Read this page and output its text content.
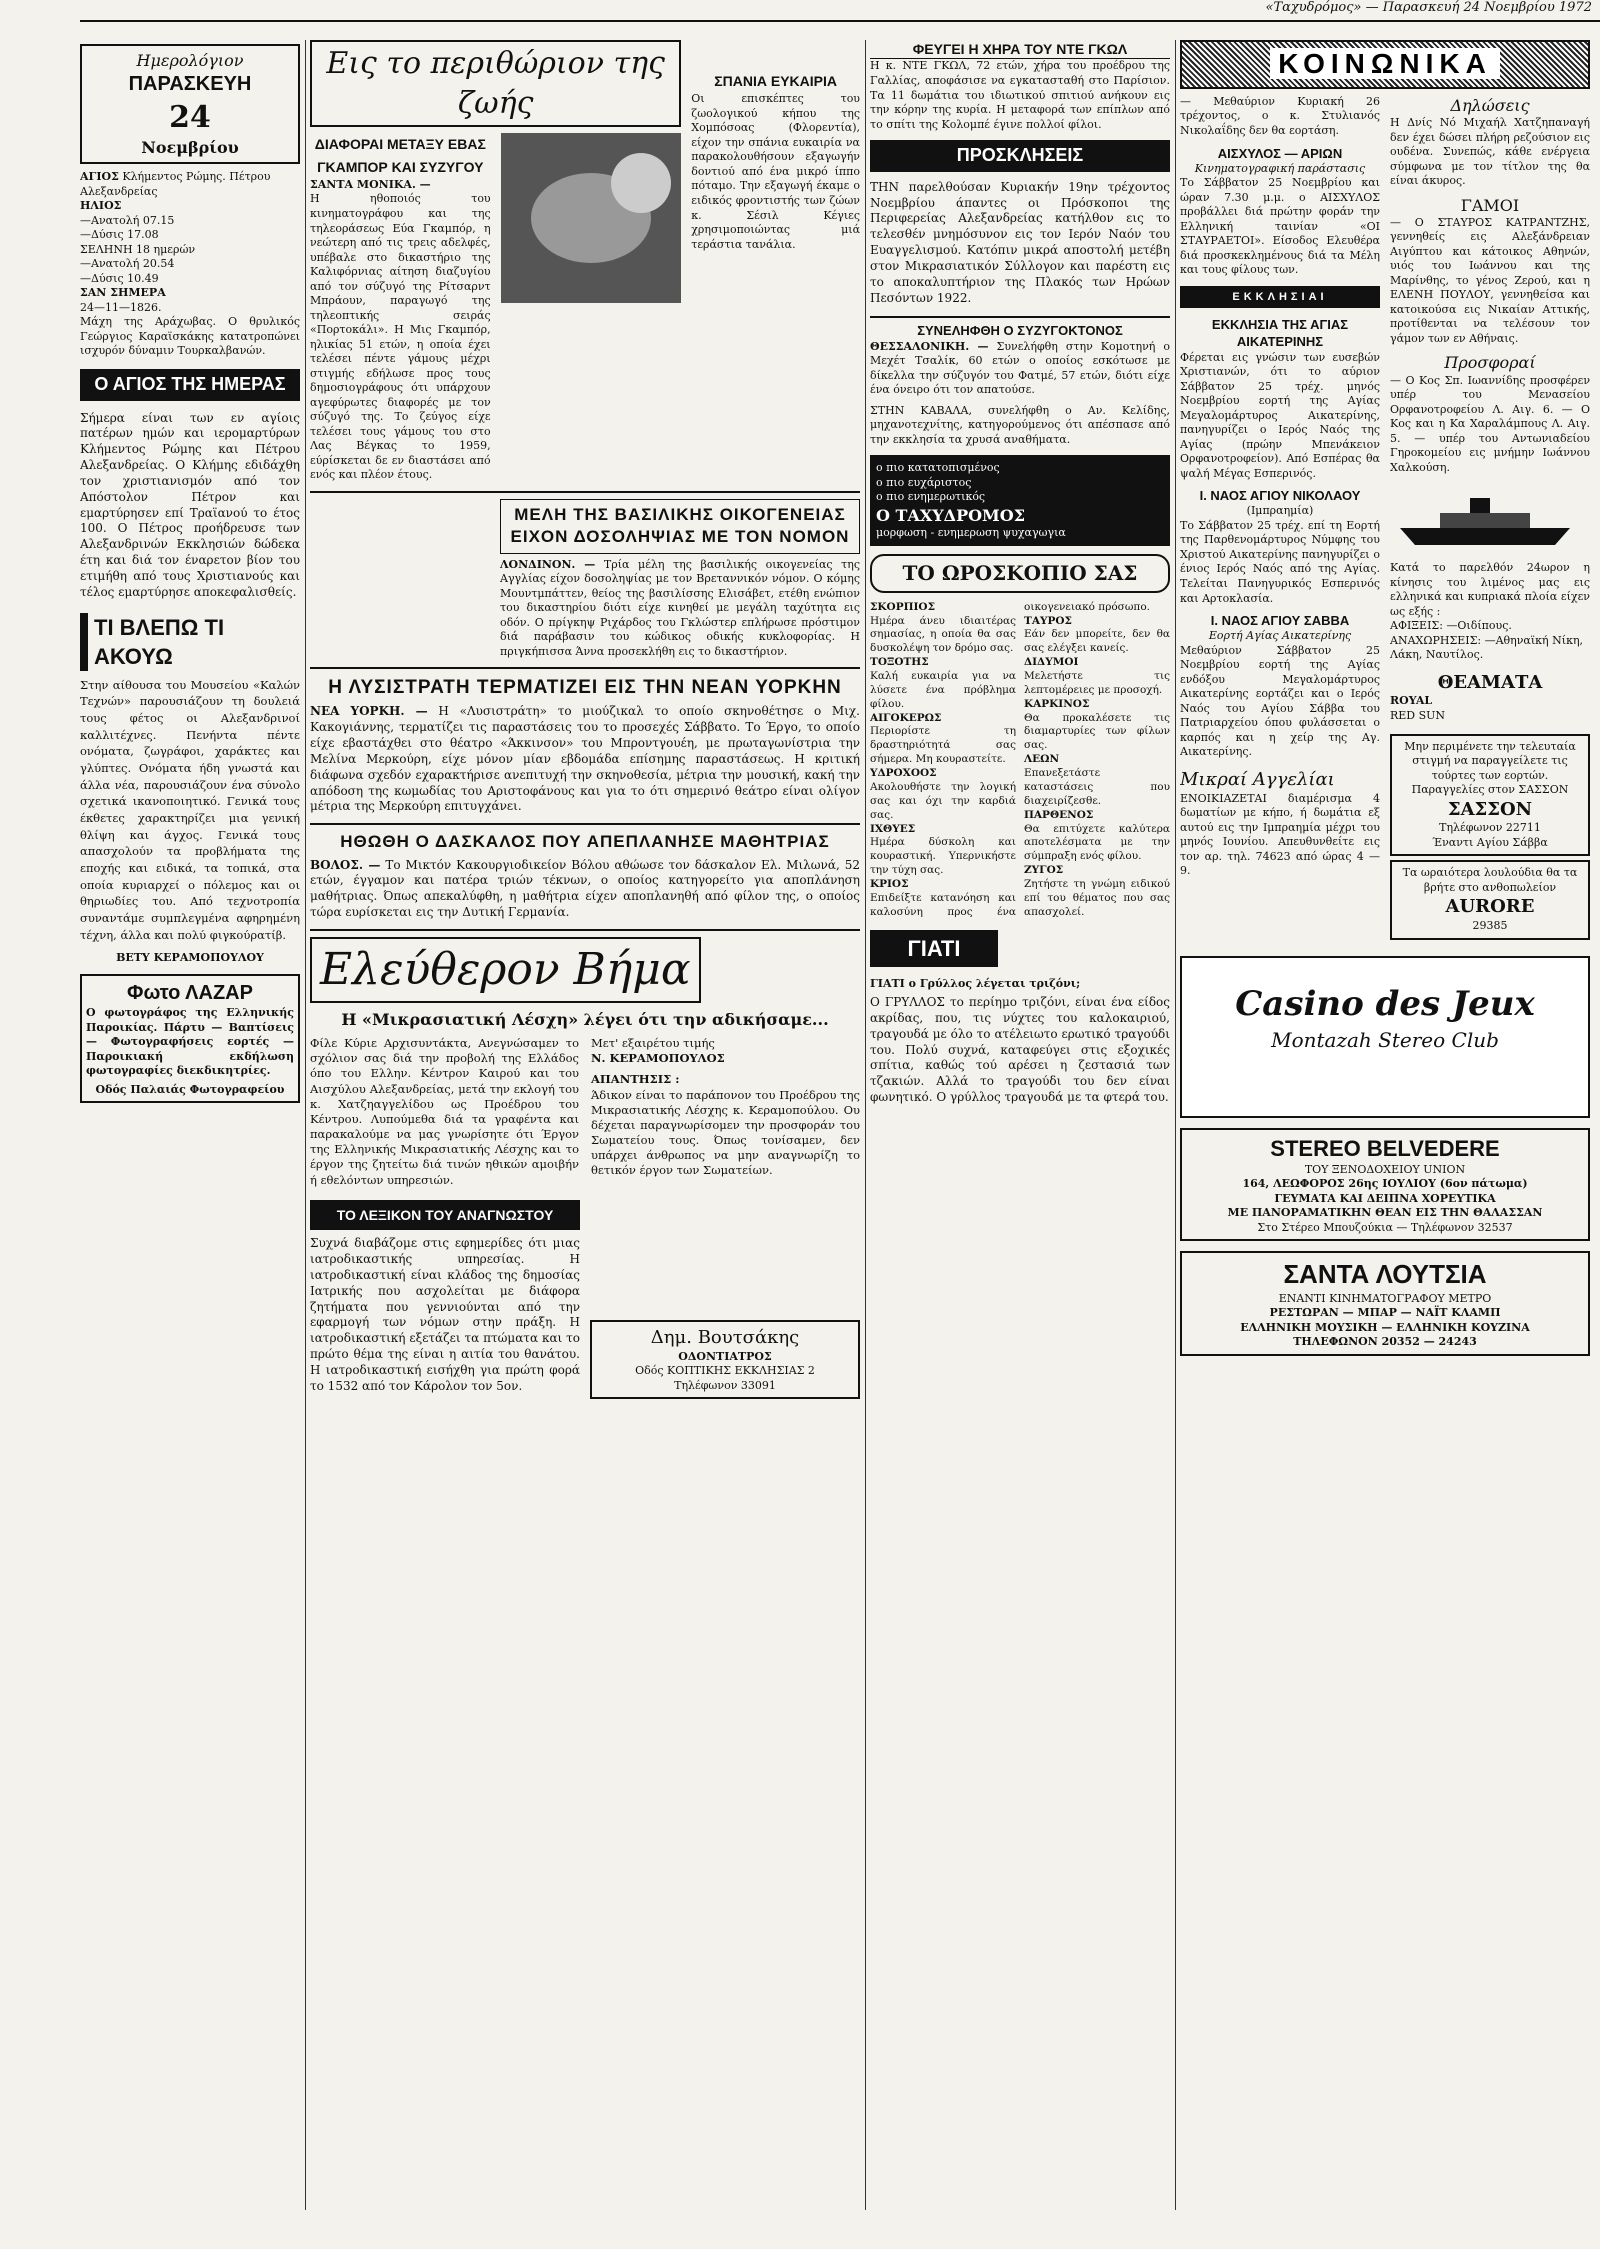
«Ταχυδρόμος» — Παρασκευή 24 Νοεμβρίου 1972
Ημερολόγιον
ΠΑΡΑΣΚΕΥΗ
24
Νοεμβρίου
ΑΓΙΟΣ Κλήμεντος Ρώμης. Πέτρου Αλεξανδρείας
ΗΛΙΟΣ
—Ανατολή 07.15
—Δύσις 17.08
ΣΕΛΗΝΗ 18 ημερών
—Ανατολή 20.54
—Δύσις 10.49
ΣΑΝ ΣΗΜΕΡΑ
24—11—1826.
Μάχη της Αράχωβας. Ο θρυλικός Γεώργιος Καραϊσκάκης κατατροπώνει ισχυρόν δύναμιν Τουρκαλβανών.
Ο ΑΓΙΟΣ ΤΗΣ ΗΜΕΡΑΣ
Σήμερα είναι των εν αγίοις πατέρων ημών και ιερομαρτύρων Κλήμεντος Ρώμης και Πέτρου Αλεξανδρείας. Ο Κλήμης εδιδάχθη τον χριστιανισμόν από τον Απόστολον Πέτρον και εμαρτύρησεν επί Τραϊανού το έτος 100. Ο Πέτρος προήδρευσε των Αλεξανδρινών Εκκλησιών δώδεκα έτη και διά τον έναρετον βίον του ετιμήθη από τους Χριστιανούς και τέλος εμαρτύρησε αποκεφαλισθείς.
ΤΙ ΒΛΕΠΩ ΤΙ ΑΚΟΥΩ
Στην αίθουσα του Μουσείου «Καλών Τεχνών» παρουσιάζουν τη δουλειά τους φέτος οι Αλεξανδρινοί καλλιτέχνες. Πενήντα πέντε ονόματα, ζωγράφοι, χαράκτες και γλύπτες. Ονόματα ήδη γνωστά και άλλα νέα, παρουσιάζουν ένα σύνολο σχετικά ικανοποιητικό. Γενικά τους έκθετες χαρακτηρίζει μια γενική θλίψη και άγχος. Γενικά τους απασχολούν τα προβλήματα της εποχής και ειδικά, τα τοπικά, στα οποία κυριαρχεί ο πόλεμος και οι θηριωδίες του. Από τεχνοτροπία συναντάμε συμπλεγμένα αφηρημένη τέχνη, άλλα και πολύ φιγκούρατίβ.
ΒΕΤΥ ΚΕΡΑΜΟΠΟΥΛΟΥ
Φωτο ΛΑΖΑΡ
Ο φωτογράφος της Ελληνικής Παροικίας. Πάρτυ — Βαπτίσεις — Φωτογραφήσεις εορτές — Παροικιακή εκδήλωση φωτογραφίες διεκδικητρίες.
Οδός Παλαιάς Φωτογραφείου
Εις το περιθώριον της ζωής
ΔΙΑΦΟΡΑΙ ΜΕΤΑΞΥ ΕΒΑΣ ΓΚΑΜΠΟΡ ΚΑΙ ΣΥΖΥΓΟΥ
ΣΑΝΤΑ ΜΟΝΙΚΑ. —
Η ηθοποιός του κινηματογράφου και της τηλεοράσεως Εύα Γκαμπόρ, η νεώτερη από τις τρεις αδελφές, υπέβαλε στο δικαστήριο της Καλιφόρνιας αίτηση διαζυγίου από τον σύζυγό της Ρίτσαρντ Μπράουν, παραγωγό της τηλεοπτικής σειράς «Πορτοκάλι». Η Μις Γκαμπόρ, ηλικίας 51 ετών, η οποία έχει τελέσει πέντε γάμους μέχρι στιγμής εδήλωσε προς τους δημοσιογράφους ότι υπάρχουν αγεφύρωτες διαφορές με τον σύζυγό της. Το ζεύγος είχε τελέσει τους γάμους του στο Λας Βέγκας το 1959, εύρίσκεται δε εν διαστάσει από ενός και πλέον έτους.
ΣΠΑΝΙΑ ΕΥΚΑΙΡΙΑ
Οι επισκέπτες του ζωολογικού κήπου της Χομπόσοας (Φλορεντία), είχον την σπάνια ευκαιρία να παρακολουθήσουν εξαγωγήν δοντιού από ένα μικρό ίππο πόταμο. Την εξαγωγή έκαμε ο ειδικός φροντιστής των ζώων κ. Σέσιλ Κέγιες χρησιμοποιώντας μιά τεράστια τανάλια.
ΜΕΛΗ ΤΗΣ ΒΑΣΙΛΙΚΗΣ ΟΙΚΟΓΕΝΕΙΑΣ ΕΙΧΟΝ ΔΟΣΟΛΗΨΙΑΣ ΜΕ ΤΟΝ ΝΟΜΟΝ
ΛΟΝΔΙΝΟΝ. — Τρία μέλη της βασιλικής οικογενείας της Αγγλίας είχον δοσοληψίας με τον Βρεταννικόν νόμον. Ο κόμης Μουντμπάττεν, θείος της βασιλίσσης Ελισάβετ, ετέθη ενώπιον του δικαστηρίου διότι είχε κινηθεί με μεγάλη ταχύτητα εις οδόν. Ο πρίγκηψ Ριχάρδος του Γκλώστερ επλήρωσε πρόστιμον διά παράβασιν του κώδικος οδικής κυκλοφορίας. Η πριγκήπισσα Άννα προσεκλήθη εις το δικαστήριον.
Η ΛΥΣΙΣΤΡΑΤΗ ΤΕΡΜΑΤΙΖΕΙ ΕΙΣ ΤΗΝ ΝΕΑΝ ΥΟΡΚΗΝ
ΝΕΑ ΥΟΡΚΗ. — Η «Λυσιστράτη» το μιούζικαλ το οποίο σκηνοθέτησε ο Μιχ. Κακογιάννης, τερματίζει τις παραστάσεις του το προσεχές Σάββατο. Το Έργο, το οποίο είχε εβαστάχθει στο θέατρο «Άκκινσον» του Μπροντγουέη, με πρωταγωνίστρια την Μελίνα Μερκούρη, είχε μόνον μίαν εβδομάδα επίσημης παραστάσεως. Η κριτική διάφωνα σχεδόν εχαρακτήρισε ανεπιτυχή την σκηνοθεσία, μέτρια την μουσική, κακή την απόδοση της κωμωδίας του Αριστοφάνους και για το ότι σημερινό θεάτρο είναι ολίγον μέτρια της Μερκούρη επιτυγχάνει.
ΗΘΩΘΗ Ο ΔΑΣΚΑΛΟΣ ΠΟΥ ΑΠΕΠΛΑΝΗΣΕ ΜΑΘΗΤΡΙΑΣ
ΒΟΛΟΣ. — Το Μικτόν Κακουργιοδικείον Βόλου αθώωσε τον δάσκαλον Ελ. Μιλωνά, 52 ετών, έγγαμον και πατέρα τριών τέκνων, ο οποίος κατηγορείτο για αποπλάνηση μαθήτριας. Όπως απεκαλύφθη, η μαθήτρια είχεν αποπλανηθή από φίλον της, ο οποίος τώρα ευρίσκεται εις την Δυτική Γερμανία.
Ελεύθερον Βήμα
Η «Μικρασιατική Λέσχη» λέγει ότι την αδικήσαμε...
Φίλε Κύριε Αρχισυντάκτα, Ανεγνώσαμεν το σχόλιον σας διά την προβολή της Ελλάδος όπο του Ελλην. Κέντρον Καιρού και του Αισχύλου Αλεξανδρείας, μετά την εκλογή του κ. Χατζηαγγελίδου ως Προέδρου του Κέντρου. Λυπούμεθα διά τα γραφέντα και παρακαλούμε να μας γνωρίσητε ότι Έργον της Ελληνικής Μικρασιατικής Λέσχης και το έργον της ζητείτω διά τινών ηθικών αμοιβήν ή εθελόντων υπηρεσιών.
Μετ' εξαιρέτου τιμής
Ν. ΚΕΡΑΜΟΠΟΥΛΟΣ
ΑΠΑΝΤΗΣΙΣ :
Άδικον είναι το παράπονον του Προέδρου της Μικρασιατικής Λέσχης κ. Κεραμοπούλου. Ου δέχεται παραγνωρίσομεν την προσφοράν του Σωματείου τους. Όπως τονίσαμεν, δεν υπάρχει άνθρωπος να μην αναγνωρίζη το θετικόν έργον των Σωματείων.
ΤΟ ΛΕΞΙΚΟΝ ΤΟΥ ΑΝΑΓΝΩΣΤΟΥ
Συχνά διαβάζομε στις εφημερίδες ότι μιας ιατροδικαστικής υπηρεσίας. Η ιατροδικαστική είναι κλάδος της δημοσίας Ιατρικής που ασχολείται με διάφορα ζητήματα που γεννιούνται από την εφαρμογή των νόμων στην πράξη. Η ιατροδικαστική εξετάζει τα πτώματα και το πρώτο θέμα της είναι η αιτία του θανάτου. Η ιατροδικαστική εισήχθη για πρώτη φορά το 1532 από τον Κάρολον τον 5ον.
Δημ. Βουτσάκης
ΟΔΟΝΤΙΑΤΡΟΣ
Οδός ΚΟΠΤΙΚΗΣ ΕΚΚΛΗΣΙΑΣ 2
Τηλέφωνον 33091
ΦΕΥΓΕΙ Η ΧΗΡΑ ΤΟΥ ΝΤΕ ΓΚΩΛ
Η κ. ΝΤΕ ΓΚΩΛ, 72 ετών, χήρα του προέδρου της Γαλλίας, αποφάσισε να εγκατασταθή στο Παρίσιον. Τα 11 δωμάτια του ιδιωτικού σπιτιού ανήκουν εις την κόρην της κυρία. Η μεταφορά των επίπλων από το σπίτι της Κολομπέ έγινε πολλοί φίλοι.
ΠΡΟΣΚΛΗΣΕΙΣ
ΤΗΝ παρελθούσαν Κυριακήν 19ην τρέχοντος Νοεμβρίου άπαντες οι Πρόσκοποι της Περιφερείας Αλεξανδρείας κατήλθον εις το τελεσθέν μνημόσυνον εις τον Ιερόν Ναόν του Ευαγγελισμού. Κατόπιν μικρά αποστολή μετέβη στον Μικρασιατικόν Σύλλογον και παρέστη εις το αποκαλυπτήριον της Πλακός των Ηρώων Πεσόντων 1922.
ΣΥΝΕΛΗΦΘΗ Ο ΣΥΖΥΓΟΚΤΟΝΟΣ
ΘΕΣΣΑΛΟΝΙΚΗ. — Συνελήφθη στην Κομοτηνή ο Μεχέτ Τσαλίκ, 60 ετών ο οποίος εσκότωσε με δίκελλα την σύζυγόν του Φατμέ, 57 ετών, διότι είχε ένα όνειρο ότι τον απατούσε.
ΣΤΗΝ ΚΑΒΑΛΑ, συνελήφθη ο Αν. Κελίδης, μηχανοτεχνίτης, κατηγορούμενος ότι απέσπασε από την εκκλησία τα χρυσά αναθήματα.
ο πιο κατατοπισμένος
ο πιο ευχάριστος
ο πιο ενημερωτικός
Ο ΤΑΧΥΔΡΟΜΟΣ
μορφωση - ενημερωση ψυχαγωγια
ΤΟ ΩΡΟΣΚΟΠΙΟ ΣΑΣ
ΣΚΟΡΠΙΟΣ
Ημέρα άνευ ιδιαιτέρας σημασίας, η οποία θα σας δυσκολέψη τον δρόμο σας.
ΤΟΞΟΤΗΣ
Καλή ευκαιρία για να λύσετε ένα πρόβλημα φίλου.
ΑΙΓΟΚΕΡΩΣ
Περιορίστε τη δραστηριότητά σας σήμερα. Μη κουραστείτε.
ΥΔΡΟΧΟΟΣ
Ακολουθήστε την λογική σας και όχι την καρδιά σας.
ΙΧΘΥΕΣ
Ημέρα δύσκολη και κουραστική. Υπερνικήστε την τύχη σας.
ΚΡΙΟΣ
Επιδείξτε κατανόηση και καλοσύνη προς ένα οικογενειακό πρόσωπο.
ΤΑΥΡΟΣ
Εάν δεν μπορείτε, δεν θα σας ελέγξει κανείς.
ΔΙΔΥΜΟΙ
Μελετήστε τις λεπτομέρειες με προσοχή.
ΚΑΡΚΙΝΟΣ
Θα προκαλέσετε τις διαμαρτυρίες των φίλων σας.
ΛΕΩΝ
Επανεξετάστε καταστάσεις που διαχειρίζεσθε.
ΠΑΡΘΕΝΟΣ
Θα επιτύχετε καλύτερα αποτελέσματα με την σύμπραξη ενός φίλου.
ΖΥΓΟΣ
Ζητήστε τη γνώμη ειδικού επί του θέματος που σας απασχολεί.
ΓΙΑΤΙ
ΓΙΑΤΙ ο Γρύλλος λέγεται τριζόνι;
Ο ΓΡΥΛΛΟΣ το περίημο τριζόνι, είναι ένα είδος ακρίδας, που, τις νύχτες του καλοκαιριού, τραγουδά με όλο το ατέλειωτο ερωτικό τραγούδι του. Πολύ συχνά, καταφεύγει στις εξοχικές σπίτια, καθώς τού αρέσει η ζεστασιά των τζακιών. Αλλά το τραγούδι του δεν είναι φωνητικό. Ο γρύλλος τραγουδά με τα φτερά του.
ΚΟΙΝΩΝΙΚΑ
— Μεθαύριον Κυριακή 26 τρέχοντος, ο κ. Στυλιανός Νικολαΐδης δεν θα εορτάση.
ΑΙΣΧΥΛΟΣ — ΑΡΙΩΝ
Κινηματογραφική παράστασις
Το Σάββατον 25 Νοεμβρίου και ώραν 7.30 μ.μ. ο ΑΙΣΧΥΛΟΣ προβάλλει διά πρώτην φοράν την Ελληνική ταινίαν «ΟΙ ΣΤΑΥΡΑΕΤΟΙ». Είσοδος Ελευθέρα διά προσκεκλημένους διά τα Μέλη και τους φίλους των.
ΕΚΚΛΗΣΙΑΙ
ΕΚΚΛΗΣΙΑ ΤΗΣ ΑΓΙΑΣ ΑΙΚΑΤΕΡΙΝΗΣ
Φέρεται εις γνώσιν των ευσεβών Χριστιανών, ότι το αύριον Σάββατον 25 τρέχ. μηνός Νοεμβρίου εορτή της Αγίας Μεγαλομάρτυρος Αικατερίνης, πανηγυρίζει ο Ιερός Ναός της Αγίας (πρώην Μπενάκειον Ορφανοτροφείον). Από Εσπέρας θα ψαλή Μέγας Εσπερινός.
Ι. ΝΑΟΣ ΑΓΙΟΥ ΝΙΚΟΛΑΟΥ
(Ιμπραημία)
Το Σάββατον 25 τρέχ. επί τη Εορτή της Παρθενομάρτυρος Νύμφης του Χριστού Αικατερίνης πανηγυρίζει ο ένιος Ιερός Ναός από της Αγίας. Τελείται Πανηγυρικός Εσπερινός και Αρτοκλασία.
Ι. ΝΑΟΣ ΑΓΙΟΥ ΣΑΒΒΑ
Εορτή Αγίας Αικατερίνης
Μεθαύριον Σάββατον 25 Νοεμβρίου εορτή της Αγίας ενδόξου Μεγαλομάρτυρος Αικατερίνης εορτάζει και ο Ιερός Ναός του Αγίου Σάββα του Πατριαρχείου όπου φυλάσσεται ο καρπός και η χείρ της Αγ. Αικατερίνης.
Μικραί Αγγελίαι
ΕΝΟΙΚΙΑΖΕΤΑΙ διαμέρισμα 4 δωματίων με κήπο, ή δωμάτια εξ αυτού εις την Ιμπραημία μέχρι του μηνός Ιουνίου. Απευθυνθείτε εις τον αρ. τηλ. 74623 από ώρας 4 — 9.
Δηλώσεις
Η Δνίς Νό Μιχαήλ Χατζηπαναγή δεν έχει δώσει πλήρη ρεζούσιον εις ουδένα. Συνεπώς, κάθε ενέργεια σύμφωνα με τον τίτλον της θα είναι άκυρος.
ΓΑΜΟΙ
— Ο ΣΤΑΥΡΟΣ ΚΑΤΡΑΝΤΖΗΣ, γεννηθείς εις Αλεξάνδρειαν Αιγύπτου και κάτοικος Αθηνών, υιός του Ιωάννου και της Μαρίνθης, το γένος Ζερού, και η ΕΛΕΝΗ ΠΟΥΛΟΥ, γεννηθείσα και κατοικούσα εις Νικαίαν Αττικής, προτίθενται να τελέσουν τον γάμον των εν Αθήναις.
Προσφοραί
— Ο Κος Σπ. Ιωαννίδης προσφέρεν υπέρ του Μενασείου Ορφανοτροφείου Λ. Αιγ. 6. — Ο Κος και η Κα Χαραλάμπους Λ. Αιγ. 5. — υπέρ του Αντωνιαδείου Γηροκομείου εις μνήμην Ιωάννου Χαλκούση.
Κατά το παρελθόν 24ωρον η κίνησις του λιμένος μας εις ελληνικά και κυπριακά πλοία είχεν ως εξής :
ΑΦΙΞΕΙΣ: —Οιδίπους.
ΑΝΑΧΩΡΗΣΕΙΣ: —Αθηναϊκή Νίκη, Λάκη, Ναυτίλος.
ΘΕΑΜΑΤΑ
ROYAL
RED SUN
Μην περιμένετε την τελευταία στιγμή να παραγγείλετε τις τούρτες των εορτών. Παραγγελίες στον ΣΑΣΣΟΝ
ΣΑΣΣΟΝ
Τηλέφωνον 22711
Έναντι Αγίου Σάββα
Τα ωραιότερα λουλούδια θα τα βρήτε στο ανθοπωλείον
AURORE
29385
Casino des Jeux
Montazah Stereo Club
STEREO BELVEDERE
ΤΟΥ ΞΕΝΟΔΟΧΕΙΟΥ UNION
164, ΛΕΩΦΟΡΟΣ 26ης ΙΟΥΛΙΟΥ (6ον πάτωμα)
ΓΕΥΜΑΤΑ ΚΑΙ ΔΕΙΠΝΑ ΧΟΡΕΥΤΙΚΑ
ΜΕ ΠΑΝΟΡΑΜΑΤΙΚΗΝ ΘΕΑΝ ΕΙΣ ΤΗΝ ΘΑΛΑΣΣΑΝ
Στο Στέρεο Μπουζούκια — Τηλέφωνον 32537
ΣΑΝΤΑ ΛΟΥΤΣΙΑ
ΕΝΑΝΤΙ ΚΙΝΗΜΑΤΟΓΡΑΦΟΥ ΜΕΤΡΟ
ΡΕΣΤΩΡΑΝ — ΜΠΑΡ — ΝΑΪΤ ΚΛΑΜΠ
ΕΛΛΗΝΙΚΗ ΜΟΥΣΙΚΗ — ΕΛΛΗΝΙΚΗ ΚΟΥΖΙΝΑ
ΤΗΛΕΦΩΝΟΝ 20352 — 24243
